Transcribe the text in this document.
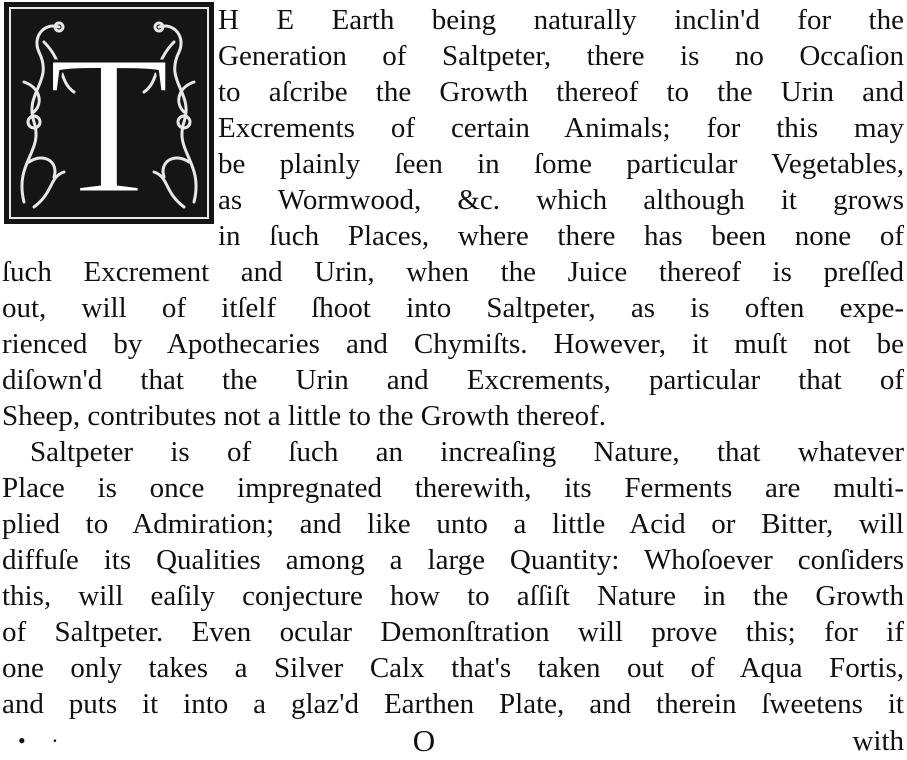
T H E Earth being naturally inclin'd for the
Generation of Saltpeter, there is no Occaſion
to aſcribe the Growth thereof to the Urin and
Excrements of certain Animals; for this may
be plainly ſeen in ſome particular Vegetables,
as Wormwood, &c. which although it grows
in ſuch Places, where there has been none of
ſuch Excrement and Urin, when the Juice thereof is preſſed
out, will of itſelf ſhoot into Saltpeter, as is often expe-
rienced by Apothecaries and Chymiſts. However, it muſt not be
diſown'd that the Urin and Excrements, particular that of
Sheep, contributes not a little to the Growth thereof.
Saltpeter is of ſuch an increaſing Nature, that whatever
Place is once impregnated therewith, its Ferments are multi-
plied to Admiration; and like unto a little Acid or Bitter, will
diffuſe its Qualities among a large Quantity: Whoſoever conſiders
this, will eaſily conjecture how to aſſiſt Nature in the Growth
of Saltpeter. Even ocular Demonſtration will prove this; for if
one only takes a Silver Calx that's taken out of Aqua Fortis,
and puts it into a glaz'd Earthen Plate, and therein ſweetens it
• ·	O	with
